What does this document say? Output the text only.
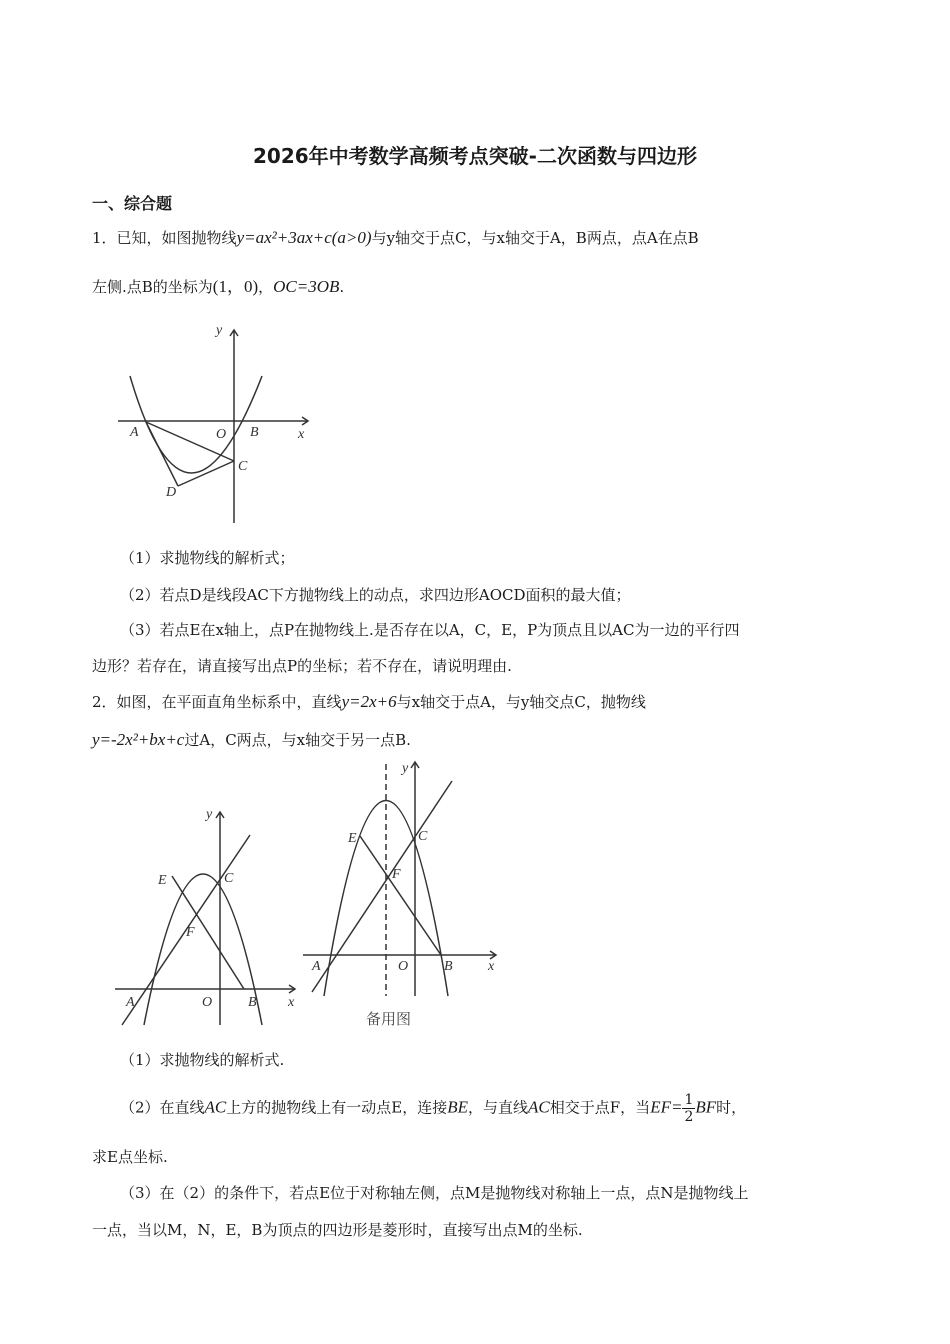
2026年中考数学高频考点突破-二次函数与四边形
一、综合题
1．已知，如图抛物线y=ax²+3ax+c(a>0)与y轴交于点C，与x轴交于A，B两点，点A在点B
左侧.点B的坐标为(1，0)，OC=3OB.
y
x
A	O B
C
D
（1）求抛物线的解析式；
（2）若点D是线段AC下方抛物线上的动点，求四边形AOCD面积的最大值；
（3）若点E在x轴上，点P在抛物线上.是否存在以A，C，E，P为顶点且以AC为一边的平行四
边形？若存在，请直接写出点P的坐标；若不存在，请说明理由.
2．如图，在平面直角坐标系中，直线y=2x+6与x轴交于点A，与y轴交点C，抛物线
y=-2x²+bx+c过A，C两点，与x轴交于另一点B.
y
x
A	O	B
C
E
F
y
x
A	O	B
C
E
F
备用图
（1）求抛物线的解析式.
（2）在直线AC上方的抛物线上有一动点E，连接BE，与直线AC相交于点F，当$EF= \frac{1}{2}$ BF时，
求E点坐标.
（3）在（2）的条件下，若点E位于对称轴左侧，点M是抛物线对称轴上一点，点N是抛物线上
一点，当以M，N，E，B为顶点的四边形是菱形时，直接写出点M的坐标.
